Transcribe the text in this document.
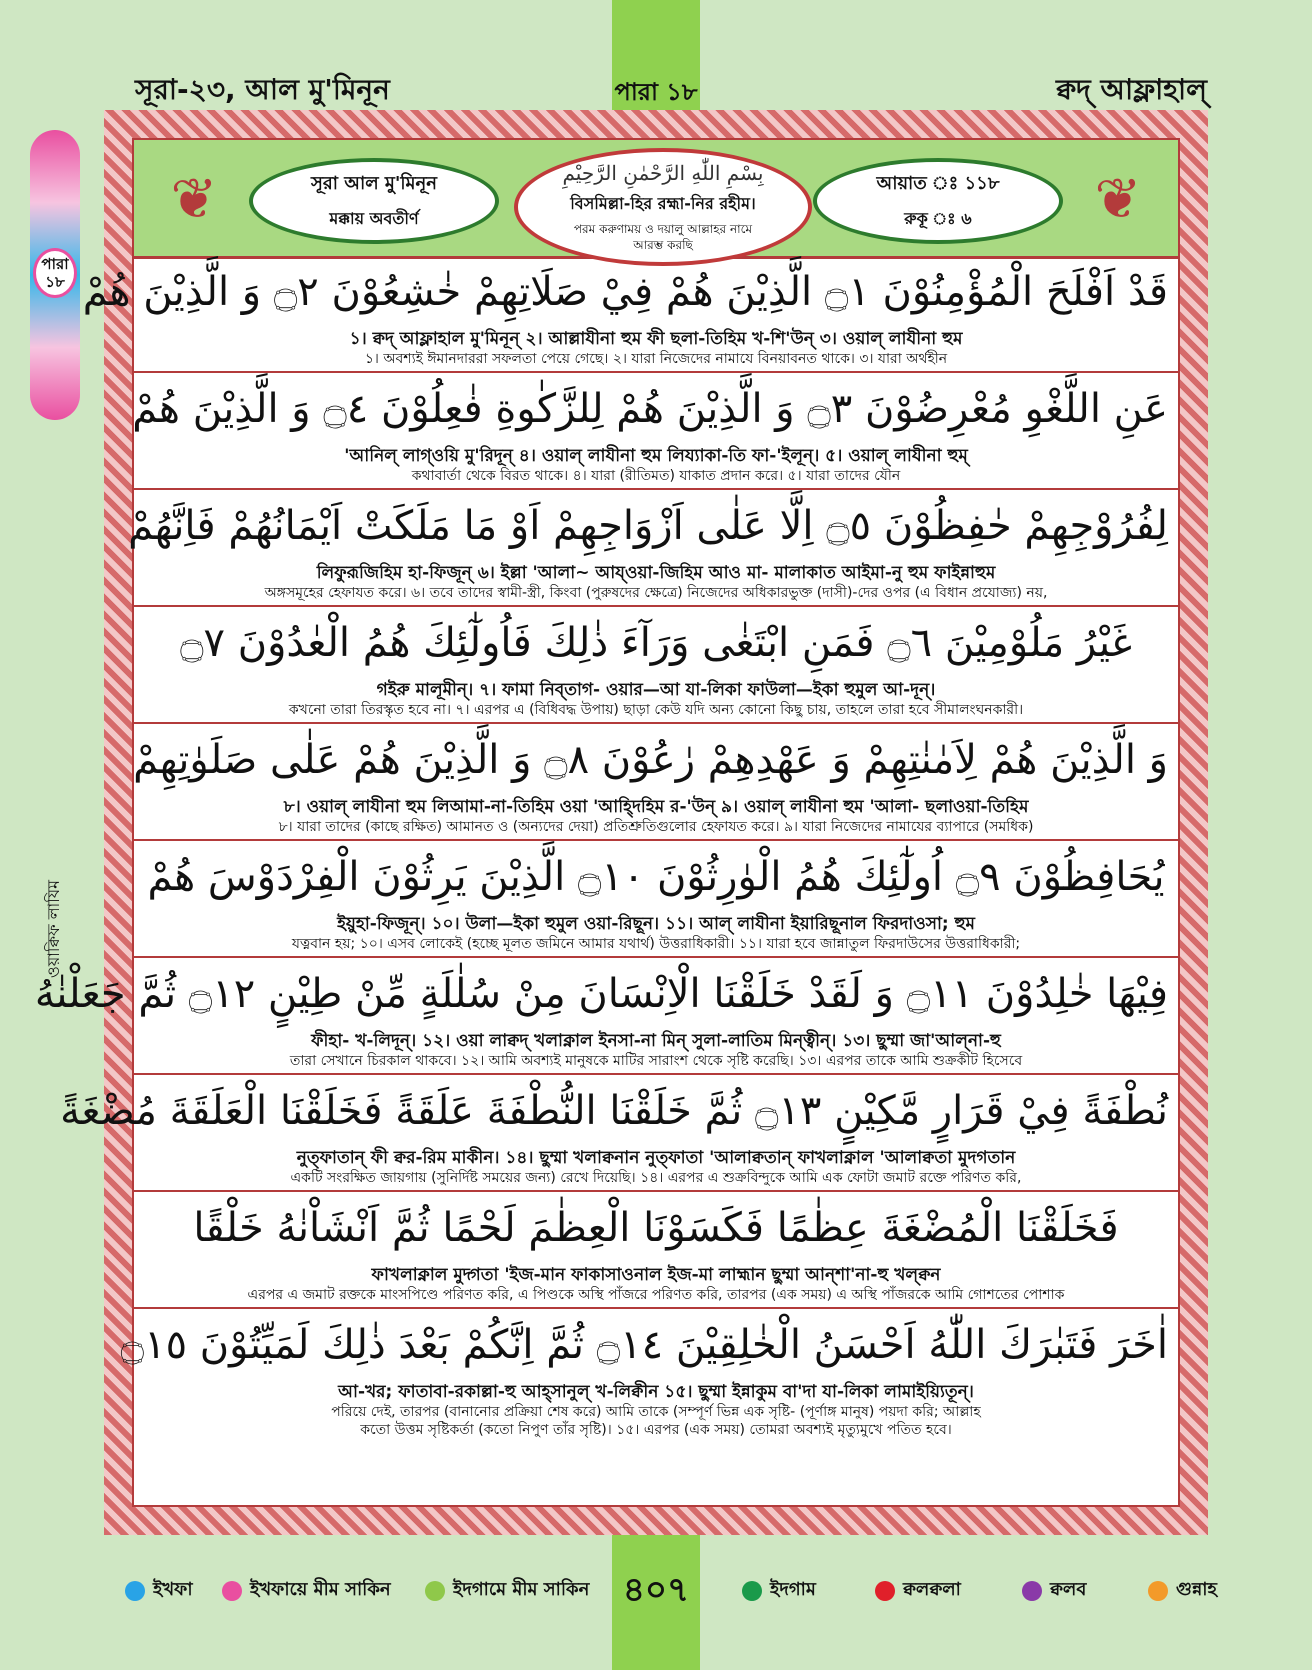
সূরা-২৩, আল মু'মিনূন	পারা ১৮	ক্বদ্ আফ্লাহাল্
পারা ১৮
ওয়াক্বিফ লাযিম
❦	❦
সূরা আল মু'মিনূন
মক্কায় অবতীর্ণ
بِسْمِ اللّٰهِ الرَّحْمٰنِ الرَّحِيْمِ
বিসমিল্লা-হির রহ্মা-নির রহীম।
পরম করুণাময় ও দয়ালু আল্লাহর নামে আরম্ভ করছি
আয়াত ঃ ১১৮
রুকূ ঃ ৬
قَدْ اَفْلَحَ الْمُؤْمِنُوْنَ ۝١ الَّذِيْنَ هُمْ فِيْ صَلَاتِهِمْ خٰشِعُوْنَ ۝٢ وَ الَّذِيْنَ هُمْ
১। ক্বদ্ আফ্লাহাল মু'মিনূন্ ২। আল্লাযীনা হুম ফী ছলা-তিহিম খ-শি'উন্ ৩। ওয়াল্ লাযীনা হুম
১। অবশ্যই ঈমানদাররা সফলতা পেয়ে গেছে। ২। যারা নিজেদের নামাযে বিনয়াবনত থাকে। ৩। যারা অর্থহীন
عَنِ اللَّغْوِ مُعْرِضُوْنَ ۝٣ وَ الَّذِيْنَ هُمْ لِلزَّكٰوةِ فٰعِلُوْنَ ۝٤ وَ الَّذِيْنَ هُمْ
'আনিল্ লাগ্ওয়ি মু'রিদূন্ ৪। ওয়াল্ লাযীনা হুম লিয্যাকা-তি ফা-'ইলূন্। ৫। ওয়াল্ লাযীনা হুম্
কথাবার্তা থেকে বিরত থাকে। ৪। যারা (রীতিমত) যাকাত প্রদান করে। ৫। যারা তাদের যৌন
لِفُرُوْجِهِمْ حٰفِظُوْنَ ۝٥ اِلَّا عَلٰى اَزْوَاجِهِمْ اَوْ مَا مَلَكَتْ اَيْمَانُهُمْ فَاِنَّهُمْ
লিফুরূজিহিম হা-ফিজূন্ ৬। ইল্লা 'আলা~ আয্ওয়া-জিহিম আও মা- মালাকাত আইমা-নু হুম ফাইন্নাহুম
অঙ্গসমূহের হেফাযত করে। ৬। তবে তাদের স্বামী-স্ত্রী, কিংবা (পুরুষদের ক্ষেত্রে) নিজেদের অধিকারভুক্ত (দাসী)-দের ওপর (এ বিধান প্রযোজ্য) নয়,
غَيْرُ مَلُوْمِيْنَ ۝٦ فَمَنِ ابْتَغٰى وَرَآءَ ذٰلِكَ فَاُولٰٓئِكَ هُمُ الْعٰدُوْنَ ۝٧
গইরু মালূমীন্। ৭। ফামা নিব্তাগ- ওয়ার—আ যা-লিকা ফাউলা—ইকা হুমুল আ-দূন্।
কখনো তারা তিরস্কৃত হবে না। ৭। এরপর এ (বিধিবদ্ধ উপায়) ছাড়া কেউ যদি অন্য কোনো কিছু চায়, তাহলে তারা হবে সীমালংঘনকারী।
وَ الَّذِيْنَ هُمْ لِاَمٰنٰتِهِمْ وَ عَهْدِهِمْ رٰعُوْنَ ۝٨ وَ الَّذِيْنَ هُمْ عَلٰى صَلَوٰتِهِمْ
৮। ওয়াল্ লাযীনা হুম লিআমা-না-তিহিম ওয়া 'আহ্দিহিম র-'উন্ ৯। ওয়াল্ লাযীনা হুম 'আলা- ছলাওয়া-তিহিম
৮। যারা তাদের (কাছে রক্ষিত) আমানত ও (অন্যদের দেয়া) প্রতিশ্রুতিগুলোর হেফাযত করে। ৯। যারা নিজেদের নামাযের ব্যাপারে (সমধিক)
يُحَافِظُوْنَ ۝٩ اُولٰٓئِكَ هُمُ الْوٰرِثُوْنَ ۝١٠ الَّذِيْنَ يَرِثُوْنَ الْفِرْدَوْسَ هُمْ
ইয়ুহা-ফিজূন্। ১০। উলা—ইকা হুমুল ওয়া-রিছূন। ১১। আল্ লাযীনা ইয়ারিছূনাল ফিরদাওসা; হুম
যত্নবান হয়; ১০। এসব লোকেই (হচ্ছে মূলত জমিনে আমার যথার্থ) উত্তরাধিকারী। ১১। যারা হবে জান্নাতুল ফিরদাউসের উত্তরাধিকারী;
فِيْهَا خٰلِدُوْنَ ۝١١ وَ لَقَدْ خَلَقْنَا الْاِنْسَانَ مِنْ سُلٰلَةٍ مِّنْ طِيْنٍ ۝١٢ ثُمَّ جَعَلْنٰهُ
ফীহা- খ-লিদূন্। ১২। ওয়া লাক্বদ্ খলাক্নাল ইনসা-না মিন্ সুলা-লাতিম মিন্‌ত্বীন্। ১৩। ছুম্মা জা'আল্না-হু
তারা সেখানে চিরকাল থাকবে। ১২। আমি অবশ্যই মানুষকে মাটির সারাংশ থেকে সৃষ্টি করেছি। ১৩। এরপর তাকে আমি শুক্রকীট হিসেবে
نُطْفَةً فِيْ قَرَارٍ مَّكِيْنٍ ۝١٣ ثُمَّ خَلَقْنَا النُّطْفَةَ عَلَقَةً فَخَلَقْنَا الْعَلَقَةَ مُضْغَةً
নুত্ফাতান্ ফী ক্বর-রিম মাকীন। ১৪। ছুম্মা খলাক্বনান নুত্ফাতা 'আলাক্বতান্ ফাখলাক্নাল 'আলাক্বতা মুদগতান
একটি সংরক্ষিত জায়গায় (সুনির্দিষ্ট সময়ের জন্য) রেখে দিয়েছি। ১৪। এরপর এ শুক্রবিন্দুকে আমি এক ফোটা জমাট রক্তে পরিণত করি,
فَخَلَقْنَا الْمُضْغَةَ عِظٰمًا فَكَسَوْنَا الْعِظٰمَ لَحْمًا ثُمَّ اَنْشَاْنٰهُ خَلْقًا
ফাখলাক্নাল মুদ্গতা 'ইজ-মান ফাকাসাওনাল ইজ-মা লাহ্মান ছুম্মা আন্শা'না-হু খল্ক্বন
এরপর এ জমাট রক্তকে মাংসপিণ্ডে পরিণত করি, এ পিণ্ডকে অস্থি পাঁজরে পরিণত করি, তারপর (এক সময়) এ অস্থি পাঁজরকে আমি গোশতের পোশাক
اٰخَرَ فَتَبٰرَكَ اللّٰهُ اَحْسَنُ الْخٰلِقِيْنَ ۝١٤ ثُمَّ اِنَّكُمْ بَعْدَ ذٰلِكَ لَمَيِّتُوْنَ ۝١٥
আ-খর; ফাতাবা-রকাল্লা-হু আহ্সানুল্ খ-লিক্বীন ১৫। ছুম্মা ইন্নাকুম বা'দা যা-লিকা লামাইয়্যিতূন্।
পরিয়ে দেই, তারপর (বানানোর প্রক্রিয়া শেষ করে) আমি তাকে (সম্পূর্ণ ভিন্ন এক সৃষ্টি- (পূর্ণাঙ্গ মানুষ) পয়দা করি; আল্লাহ
কতো উত্তম সৃষ্টিকর্তা (কতো নিপুণ তাঁর সৃষ্টি)। ১৫। এরপর (এক সময়) তোমরা অবশ্যই মৃত্যুমুখে পতিত হবে।
ইখফা	ইখফায়ে মীম সাকিন	ইদগামে মীম সাকিন	ইদগাম	ক্বলক্বলা	ক্বলব	গুন্নাহ
৪০৭
